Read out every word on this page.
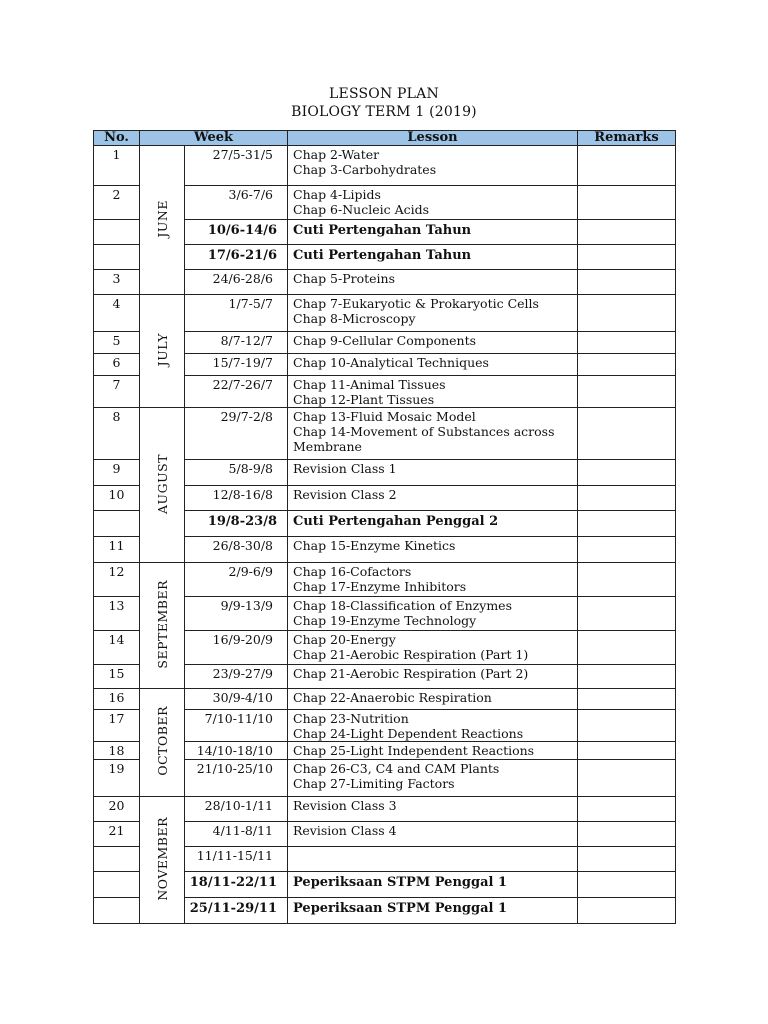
LESSON PLAN
BIOLOGY TERM 1 (2019)
No.	Week		Lesson	Remarks
1	JUNE	27/5-31/5	Chap 2-Water
Chap 3-Carbohydrates	

2		3/6-7/6	Chap 4-Lipids
Chap 6-Nucleic Acids	

		10/6-14/6	Cuti Pertengahan Tahun	

		17/6-21/6	Cuti Pertengahan Tahun	

3		24/6-28/6	Chap 5-Proteins	

4	JULY	1/7-5/7	Chap 7-Eukaryotic & Prokaryotic Cells
Chap 8-Microscopy	

5		8/7-12/7	Chap 9-Cellular Components	

6		15/7-19/7	Chap 10-Analytical Techniques	

7		22/7-26/7	Chap 11-Animal Tissues
Chap 12-Plant Tissues	

8	AUGUST	29/7-2/8	Chap 13-Fluid Mosaic Model
Chap 14-Movement of Substances across
Membrane	

9		5/8-9/8	Revision Class 1	

10		12/8-16/8	Revision Class 2	

		19/8-23/8	Cuti Pertengahan Penggal 2	

11		26/8-30/8	Chap 15-Enzyme Kinetics	

12	SEPTEMBER	2/9-6/9	Chap 16-Cofactors
Chap 17-Enzyme Inhibitors	

13		9/9-13/9	Chap 18-Classification of Enzymes
Chap 19-Enzyme Technology	

14		16/9-20/9	Chap 20-Energy
Chap 21-Aerobic Respiration (Part 1)	

15		23/9-27/9	Chap 21-Aerobic Respiration (Part 2)	

16	OCTOBER	30/9-4/10	Chap 22-Anaerobic Respiration	

17		7/10-11/10	Chap 23-Nutrition
Chap 24-Light Dependent Reactions	

18		14/10-18/10	Chap 25-Light Independent Reactions	

19		21/10-25/10	Chap 26-C3, C4 and CAM Plants
Chap 27-Limiting Factors	

20	NOVEMBER	28/10-1/11	Revision Class 3	

21		4/11-8/11	Revision Class 4	

		11/11-15/11	

		18/11-22/11	Peperiksaan STPM Penggal 1	

		25/11-29/11	Peperiksaan STPM Penggal 1	
